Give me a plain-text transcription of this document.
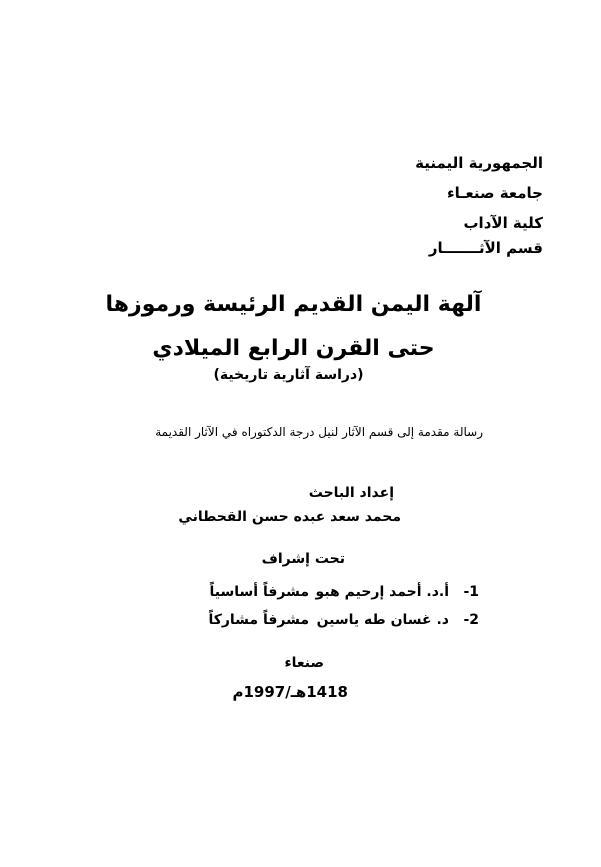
الجمهورية اليمنية
جامعة صنعـاء
كلية الآداب
قسم الآثـــــــار
آلهة اليمن القديم الرئيسة ورموزها
حتى القرن الرابع الميلادي
(دراسة آثارية تاريخية)
رسالة مقدمة إلى قسم الآثار لنيل درجة الدكتوراه في الآثار القديمة
إعداد الباحث
محمد سعد عبده حسن القحطاني
تحت إشراف
1-أ.د. أحمد إرحيم هبومشرفاً أساسياً
2-د. غسان طه ياسينمشرفاً مشاركاً
صنعاء
1418هـ/1997م
